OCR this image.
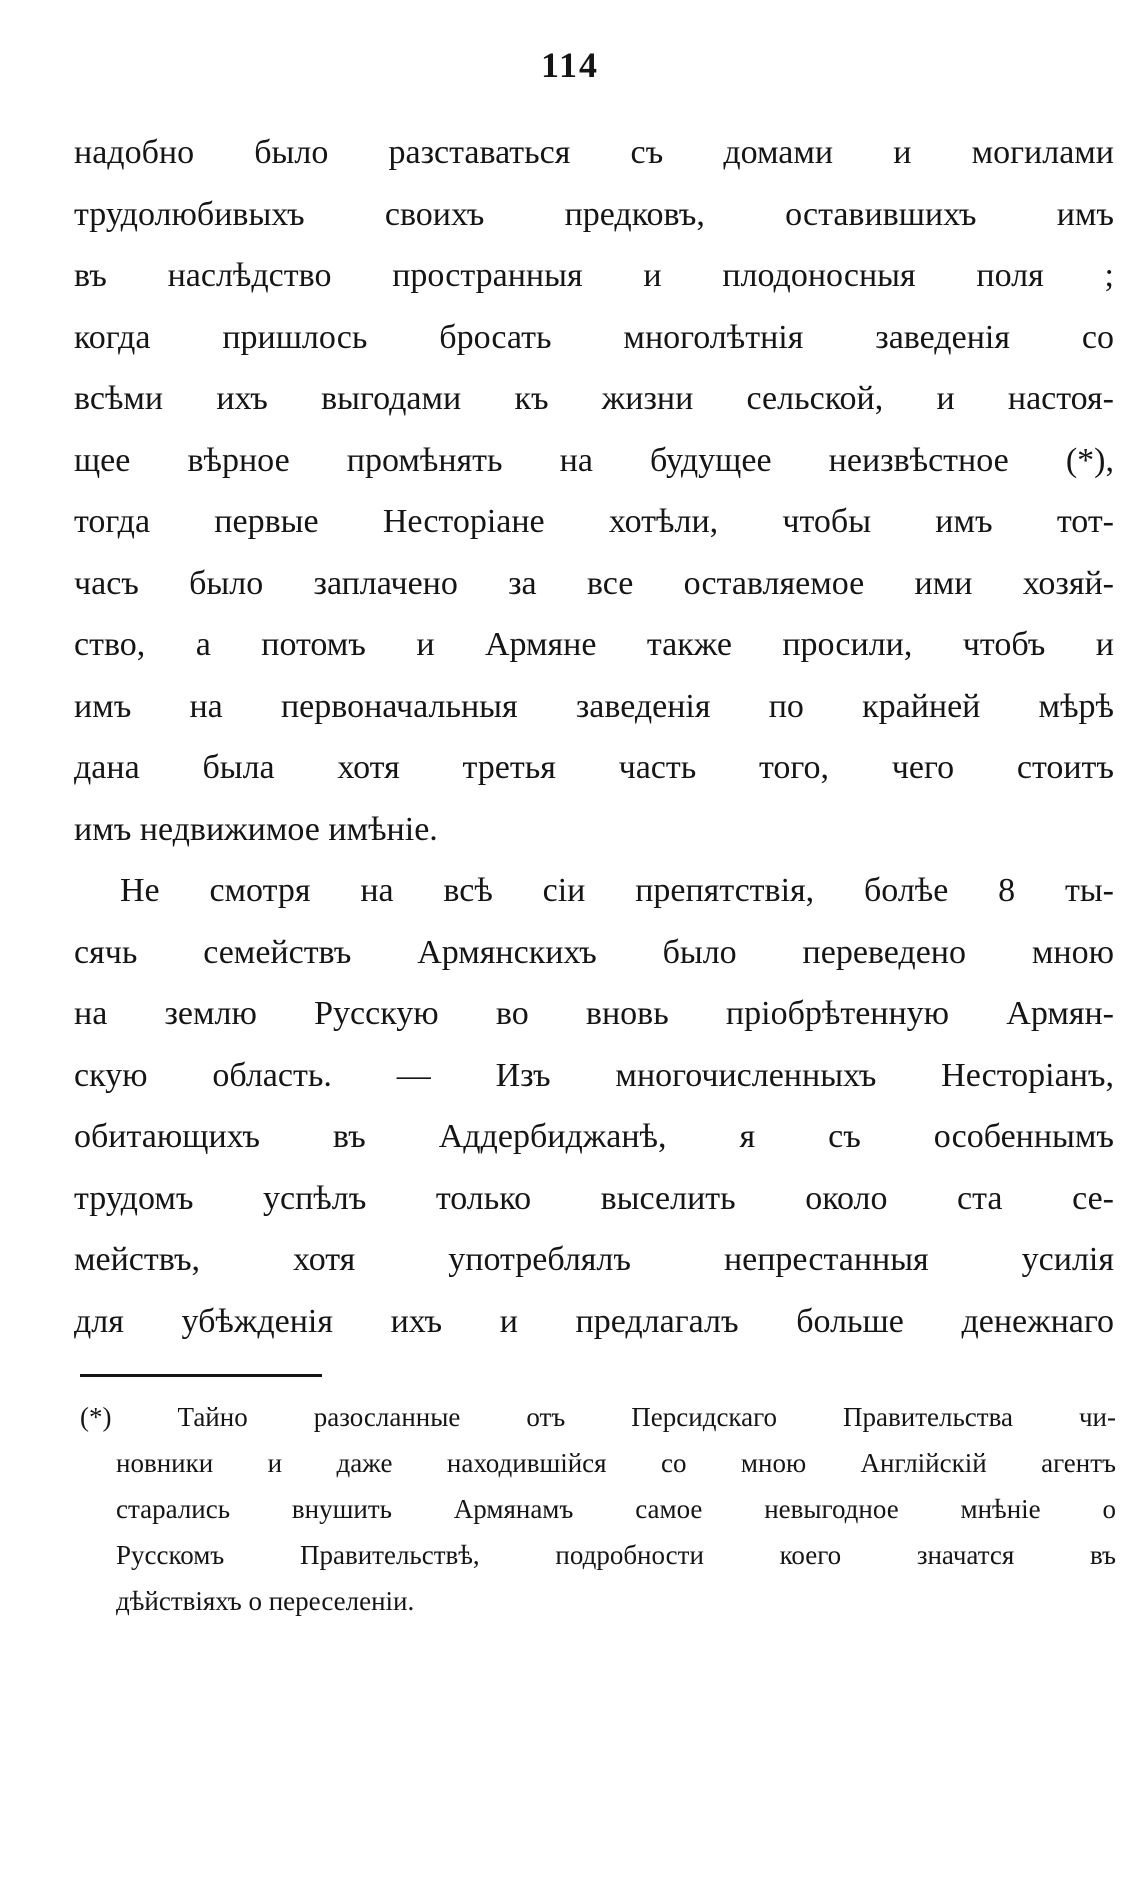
114
надобно было разставаться съ домами и могилами
трудолюбивыхъ своихъ предковъ, оставившихъ имъ
въ наслѣдство пространныя и плодоносныя поля ;
когда пришлось бросать многолѣтнія заведенія со
всѣми ихъ выгодами къ жизни сельской, и настоя-
щее вѣрное промѣнять на будущее неизвѣстное (*),
тогда первые Несторіане хотѣли, чтобы имъ тот-
часъ было заплачено за все оставляемое ими хозяй-
ство, а потомъ и Армяне также просили, чтобъ и
имъ на первоначальныя заведенія по крайней мѣрѣ
дана была хотя третья часть того, чего стоитъ
имъ недвижимое имѣніе.
Не смотря на всѣ сіи препятствія, болѣе 8 ты-
сячь семействъ Армянскихъ было переведено мною
на землю Русскую во вновь пріобрѣтенную Армян-
скую область. — Изъ многочисленныхъ Несторіанъ,
обитающихъ въ Аддербиджанѣ, я съ особеннымъ
трудомъ успѣлъ только выселить около ста се-
мействъ, хотя употреблялъ непрестанныя усилія
для убѣжденія ихъ и предлагалъ больше денежнаго
(*) Тайно разосланные отъ Персидскаго Правительства чи-
новники и даже находившійся со мною Англійскій агентъ
старались внушить Армянамъ самое невыгодное мнѣніе о
Русскомъ Правительствѣ, подробности коего значатся въ
дѣйствіяхъ о переселеніи.
